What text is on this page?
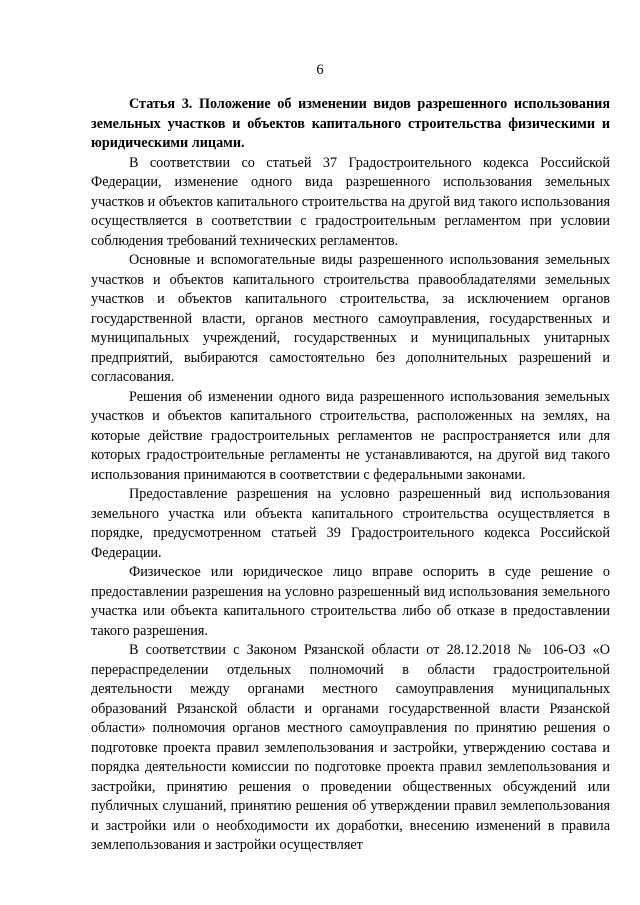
6

Статья 3. Положение об изменении видов разрешенного использования земельных участков и объектов капитального строительства физическими и юридическими лицами.

В соответствии со статьей 37 Градостроительного кодекса Российской Федерации, изменение одного вида разрешенного использования земельных участков и объектов капитального строительства на другой вид такого использования осуществляется в соответствии с градостроительным регламентом при условии соблюдения требований технических регламентов.

Основные и вспомогательные виды разрешенного использования земельных участков и объектов капитального строительства правообладателями земельных участков и объектов капитального строительства, за исключением органов государственной власти, органов местного самоуправления, государственных и муниципальных учреждений, государственных и муниципальных унитарных предприятий, выбираются самостоятельно без дополнительных разрешений и согласования.

Решения об изменении одного вида разрешенного использования земельных участков и объектов капитального строительства, расположенных на землях, на которые действие градостроительных регламентов не распространяется или для которых градостроительные регламенты не устанавливаются, на другой вид такого использования принимаются в соответствии с федеральными законами.

Предоставление разрешения на условно разрешенный вид использования земельного участка или объекта капитального строительства осуществляется в порядке, предусмотренном статьей 39 Градостроительного кодекса Российской Федерации.

Физическое или юридическое лицо вправе оспорить в суде решение о предоставлении разрешения на условно разрешенный вид использования земельного участка или объекта капитального строительства либо об отказе в предоставлении такого разрешения.

В соответствии с Законом Рязанской области от 28.12.2018 № 106-ОЗ «О перераспределении отдельных полномочий в области градостроительной деятельности между органами местного самоуправления муниципальных образований Рязанской области и органами государственной власти Рязанской области» полномочия органов местного самоуправления по принятию решения о подготовке проекта правил землепользования и застройки, утверждению состава и порядка деятельности комиссии по подготовке проекта правил землепользования и застройки, принятию решения о проведении общественных обсуждений или публичных слушаний, принятию решения об утверждении правил землепользования и застройки или о необходимости их доработки, внесению изменений в правила землепользования и застройки осуществляет
